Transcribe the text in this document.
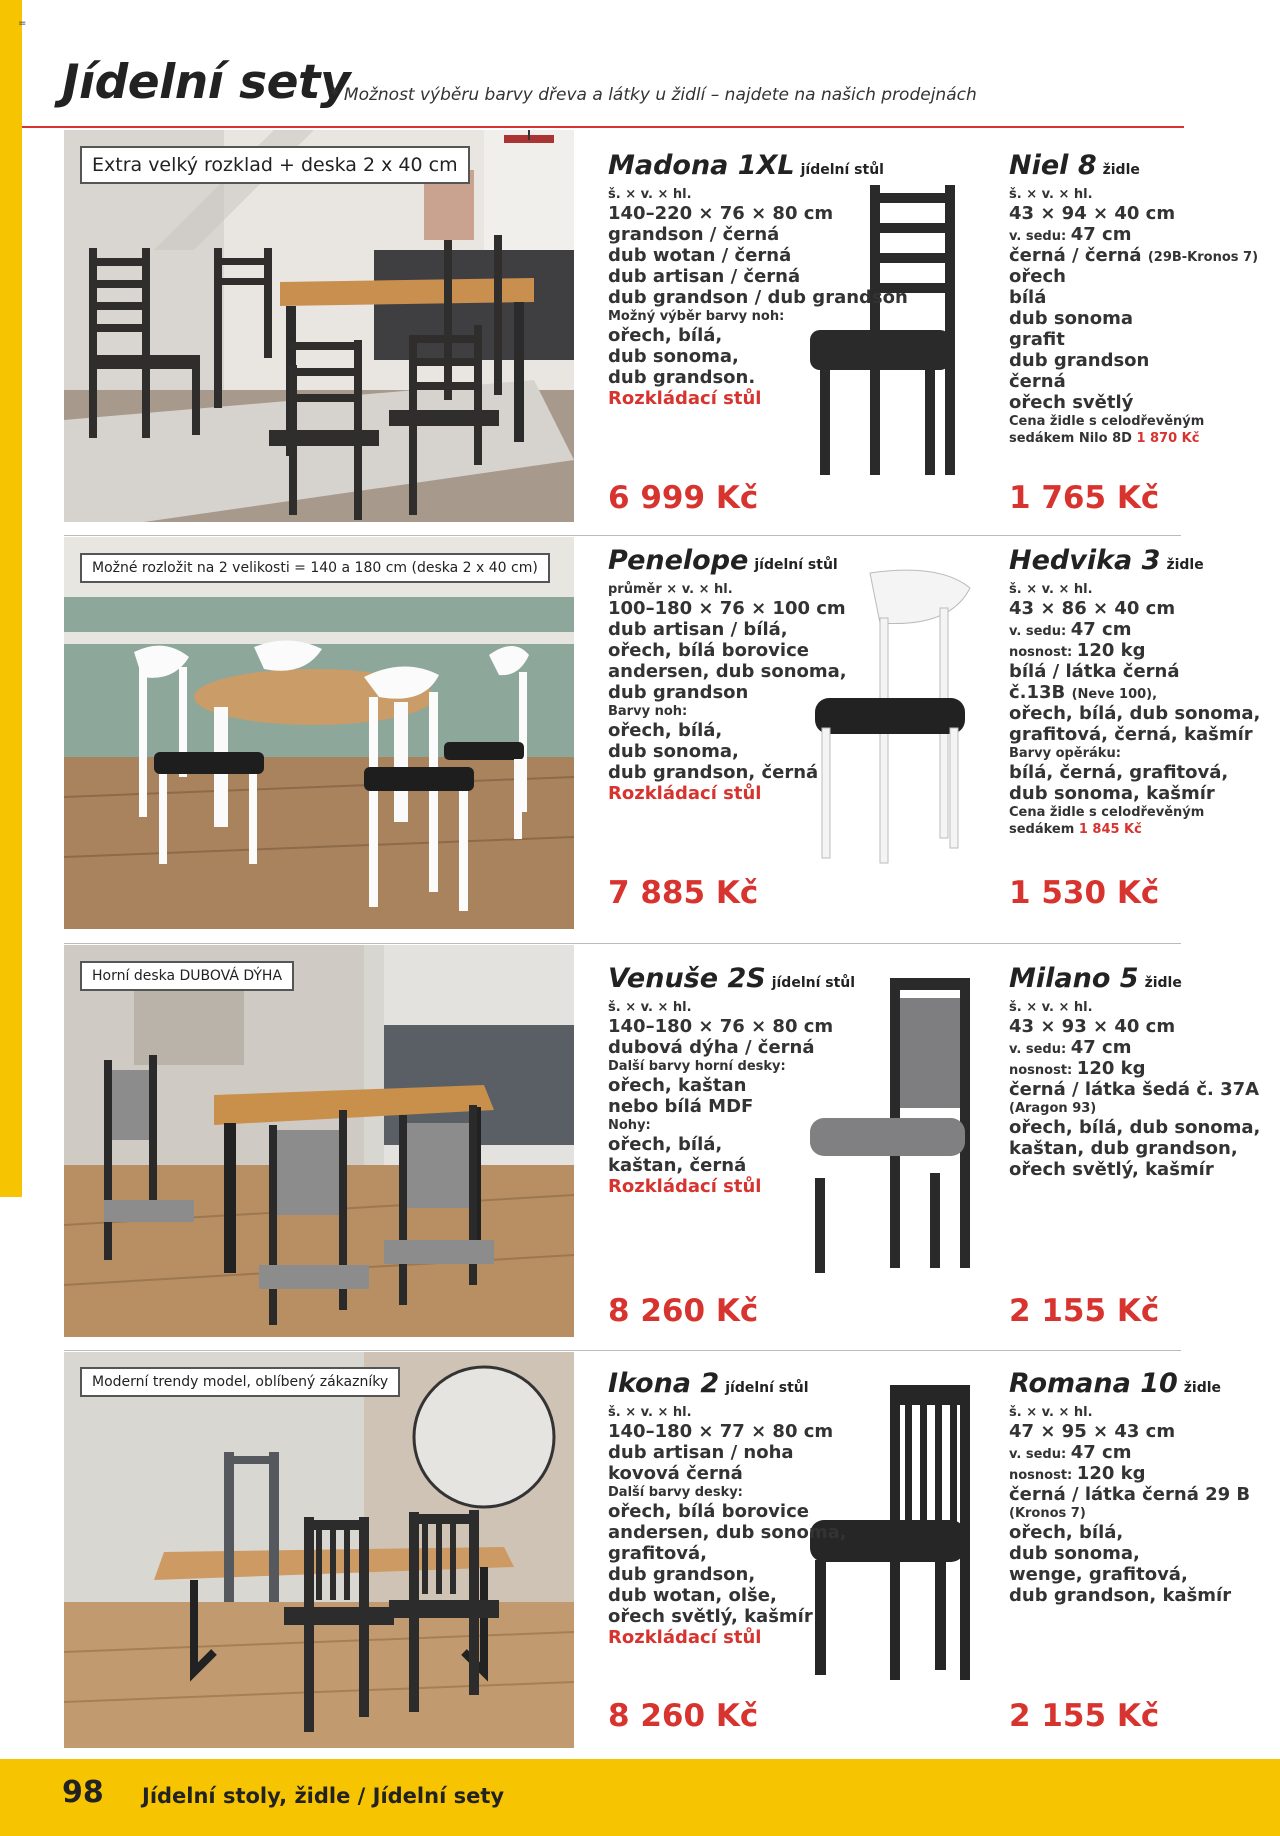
=
Jídelní sety
* Možnost výběru barvy dřeva a látky u židlí – najdete na našich prodejnách
Extra velký rozklad + deska 2 x 40 cm
Možné rozložit na 2 velikosti = 140 a 180 cm (deska 2 x 40 cm)
Horní deska DUBOVÁ DÝHA
Moderní trendy model, oblíbený zákazníky
Madona 1XL jídelní stůl
š. × v. × hl.
140–220 × 76 × 80 cm
grandson / černá
dub wotan / černá
dub artisan / černá
dub grandson / dub grandson
Možný výběr barvy noh:
ořech, bílá,
dub sonoma,
dub grandson.
Rozkládací stůl
6 999 Kč
Niel 8 židle
š. × v. × hl.
43 × 94 × 40 cm
v. sedu: 47 cm
černá / černá (29B-Kronos 7)
ořech
bílá
dub sonoma
grafit
dub grandson
černá
ořech světlý
Cena židle s celodřevěným
sedákem Nilo 8D 1 870 Kč
1 765 Kč
Penelope jídelní stůl
průměr × v. × hl.
100–180 × 76 × 100 cm
dub artisan / bílá,
ořech, bílá borovice
andersen, dub sonoma,
dub grandson
Barvy noh:
ořech, bílá,
dub sonoma,
dub grandson, černá
Rozkládací stůl
7 885 Kč
Hedvika 3 židle
š. × v. × hl.
43 × 86 × 40 cm
v. sedu: 47 cm
nosnost: 120 kg
bílá / látka černá
č.13B (Neve 100),
ořech, bílá, dub sonoma,
grafitová, černá, kašmír
Barvy opěráku:
bílá, černá, grafitová,
dub sonoma, kašmír
Cena židle s celodřevěným
sedákem 1 845 Kč
1 530 Kč
Venuše 2S jídelní stůl
š. × v. × hl.
140–180 × 76 × 80 cm
dubová dýha / černá
Další barvy horní desky:
ořech, kaštan
nebo bílá MDF
Nohy:
ořech, bílá,
kaštan, černá
Rozkládací stůl
8 260 Kč
Milano 5 židle
š. × v. × hl.
43 × 93 × 40 cm
v. sedu: 47 cm
nosnost: 120 kg
černá / látka šedá č. 37A
(Aragon 93)
ořech, bílá, dub sonoma,
kaštan, dub grandson,
ořech světlý, kašmír
2 155 Kč
Ikona 2 jídelní stůl
š. × v. × hl.
140–180 × 77 × 80 cm
dub artisan / noha
kovová černá
Další barvy desky:
ořech, bílá borovice
andersen, dub sonoma,
grafitová,
dub grandson,
dub wotan, olše,
ořech světlý, kašmír
Rozkládací stůl
8 260 Kč
Romana 10 židle
š. × v. × hl.
47 × 95 × 43 cm
v. sedu: 47 cm
nosnost: 120 kg
černá / látka černá 29 B
(Kronos 7)
ořech, bílá,
dub sonoma,
wenge, grafitová,
dub grandson, kašmír
2 155 Kč
98 Jídelní stoly, židle / Jídelní sety
